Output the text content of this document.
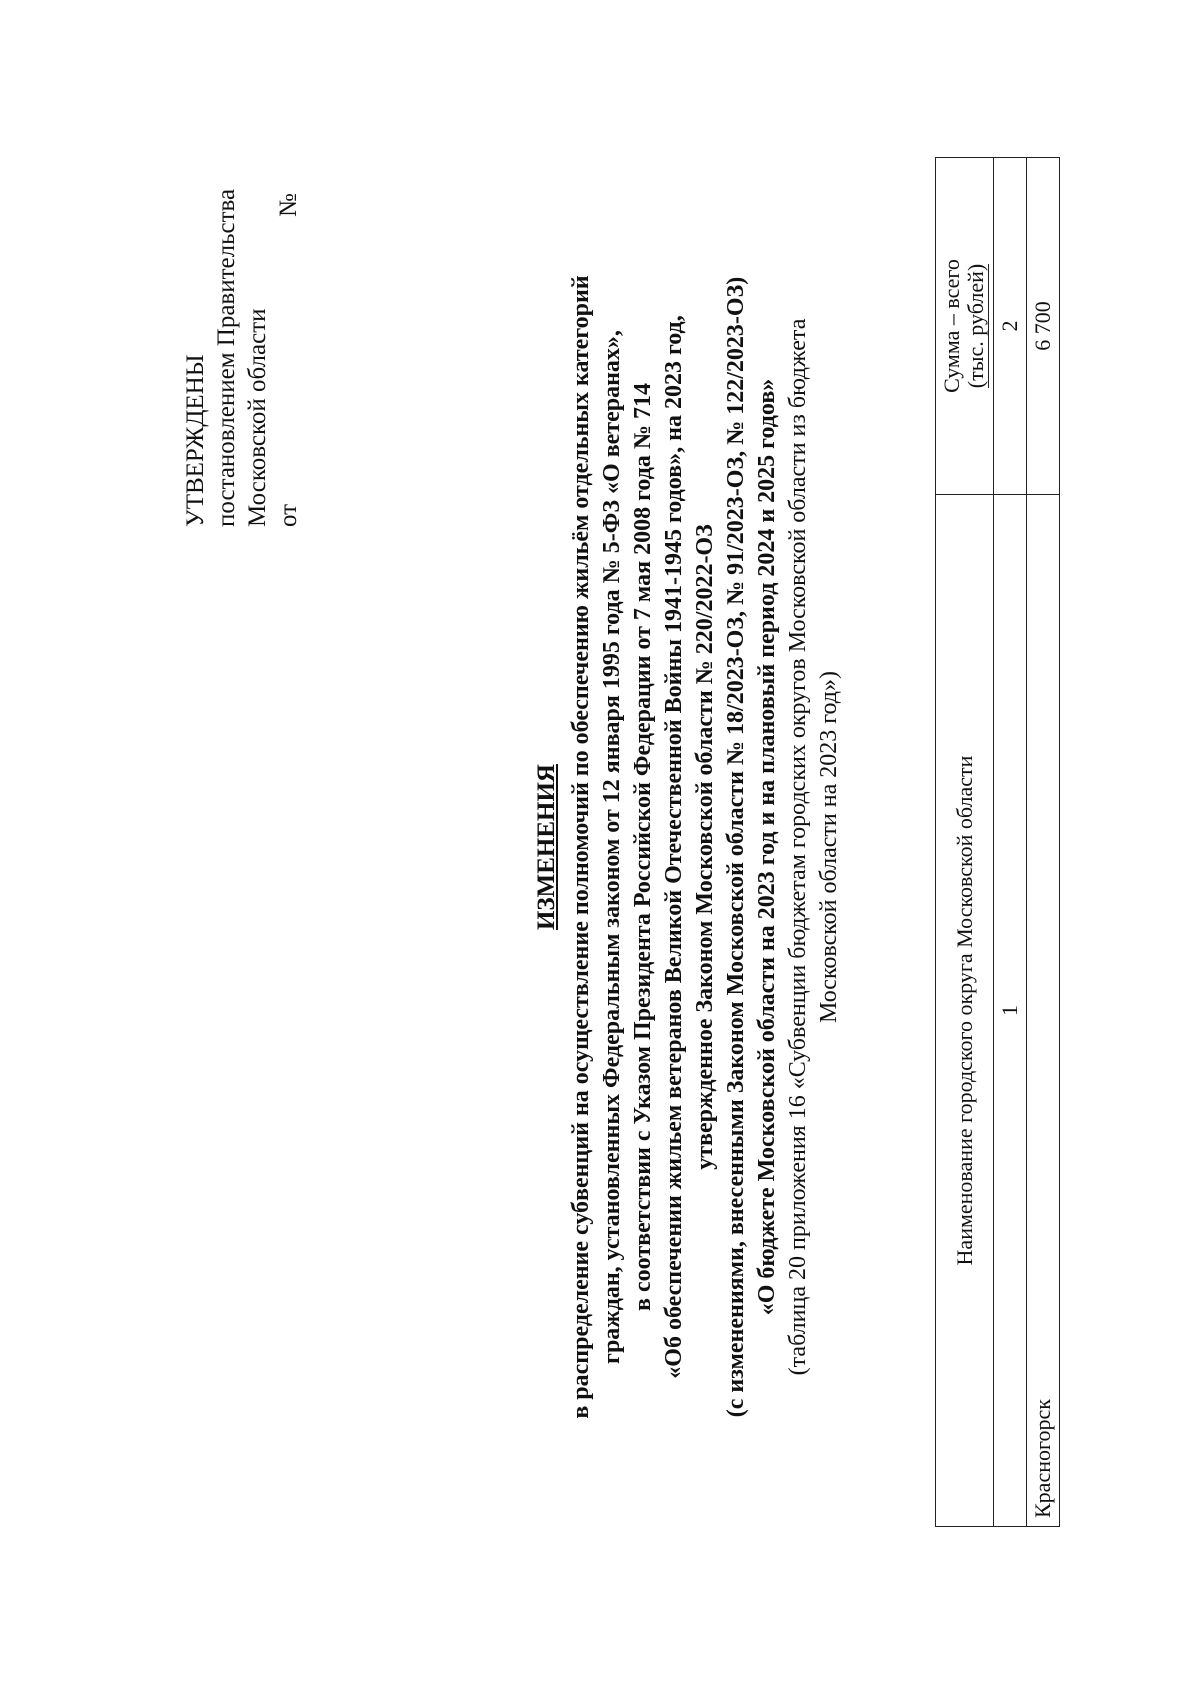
УТВЕРЖДЕНЫ постановлением Правительства Московской области от
№
ИЗМЕНЕНИЯ в распределение субвенций на осуществление полномочий по обеспечению жильём отдельных категорий граждан, установленных Федеральным законом от 12 января 1995 года № 5-ФЗ «О ветеранах», в соответствии с Указом Президента Российской Федерации от 7 мая 2008 года № 714 «Об обеспечении жильем ветеранов Великой Отечественной Войны 1941-1945 годов», на 2023 год, утвержденное Законом Московской области № 220/2022-ОЗ (с изменениями, внесенными Законом Московской области № 18/2023-ОЗ, № 91/2023-ОЗ, № 122/2023-ОЗ) «О бюджете Московской области на 2023 год и на плановый период 2024 и 2025 годов» (таблица 20 приложения 16 «Субвенции бюджетам городских округов Московской области из бюджета Московской области на 2023 год»)	Наименование городского округа Московской области	Сумма – всего (тыс. рублей)
1	2
Красногорск	6 700
